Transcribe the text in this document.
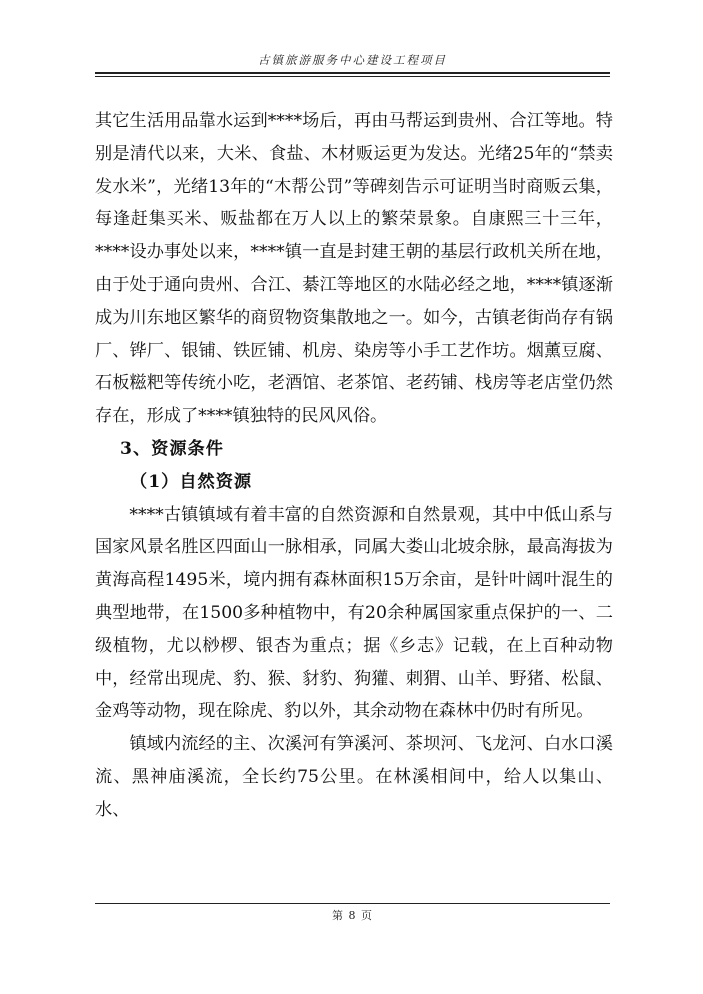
古镇旅游服务中心建设工程项目

其它生活用品靠水运到****场后，再由马帮运到贵州、合江等地。特别是清代以来，大米、食盐、木材贩运更为发达。光绪25年的“禁卖发水米”，光绪13年的“木帮公罚”等碑刻告示可证明当时商贩云集，每逢赶集买米、贩盐都在万人以上的繁荣景象。自康熙三十三年，****设办事处以来，****镇一直是封建王朝的基层行政机关所在地，由于处于通向贵州、合江、綦江等地区的水陆必经之地，****镇逐渐成为川东地区繁华的商贸物资集散地之一。如今，古镇老街尚存有锅厂、铧厂、银铺、铁匠铺、机房、染房等小手工艺作坊。烟薰豆腐、石板糍粑等传统小吃，老酒馆、老茶馆、老药铺、栈房等老店堂仍然存在，形成了****镇独特的民风风俗。

3、资源条件

（1）自然资源

****古镇镇域有着丰富的自然资源和自然景观，其中中低山系与国家风景名胜区四面山一脉相承，同属大娄山北坡余脉，最高海拔为黄海高程1495米，境内拥有森林面积15万余亩，是针叶阔叶混生的典型地带，在1500多种植物中，有20余种属国家重点保护的一、二级植物，尤以桫椤、银杏为重点；据《乡志》记载，在上百种动物中，经常出现虎、豹、猴、豺豹、狗獾、刺猬、山羊、野猪、松鼠、金鸡等动物，现在除虎、豹以外，其余动物在森林中仍时有所见。

镇域内流经的主、次溪河有笋溪河、茶坝河、飞龙河、白水口溪流、黑神庙溪流，全长约75公里。在林溪相间中，给人以集山、水、

第 8 页
